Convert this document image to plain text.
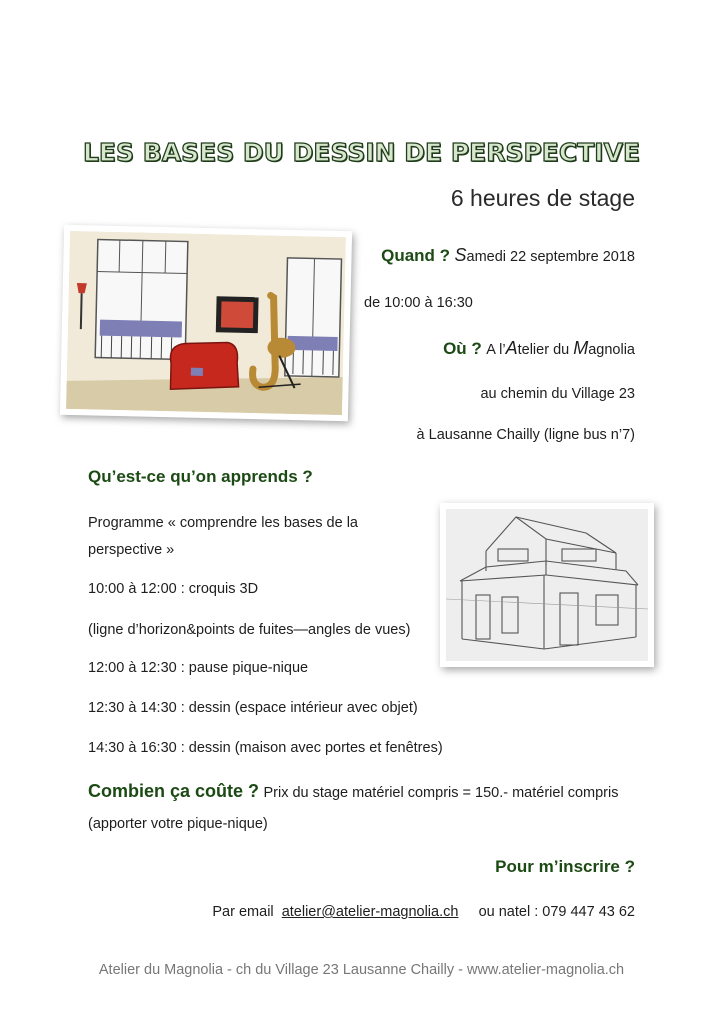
LES BASES DU DESSIN DE PERSPECTIVE
6 heures de stage
Quand ? Samedi 22 septembre 2018
de 10:00 à 16:30
Où ? A l’Atelier du Magnolia
au chemin du Village 23
à Lausanne Chailly (ligne bus n’7)
Qu’est-ce qu’on apprends ?
Programme « comprendre les bases de la
perspective »
10:00 à 12:00 : croquis 3D
(ligne d’horizon&points de fuites—angles de vues)
12:00 à 12:30 : pause pique-nique
12:30 à 14:30 : dessin (espace intérieur avec objet)
14:30 à 16:30 : dessin (maison avec portes et fenêtres)
Combien ça coûte ? Prix du stage matériel compris = 150.- matériel compris
(apporter votre pique-nique)
Pour m’inscrire ?
Par email atelier@atelier-magnolia.ch ou natel : 079 447 43 62
Atelier du Magnolia - ch du Village 23 Lausanne Chailly - www.atelier-magnolia.ch
